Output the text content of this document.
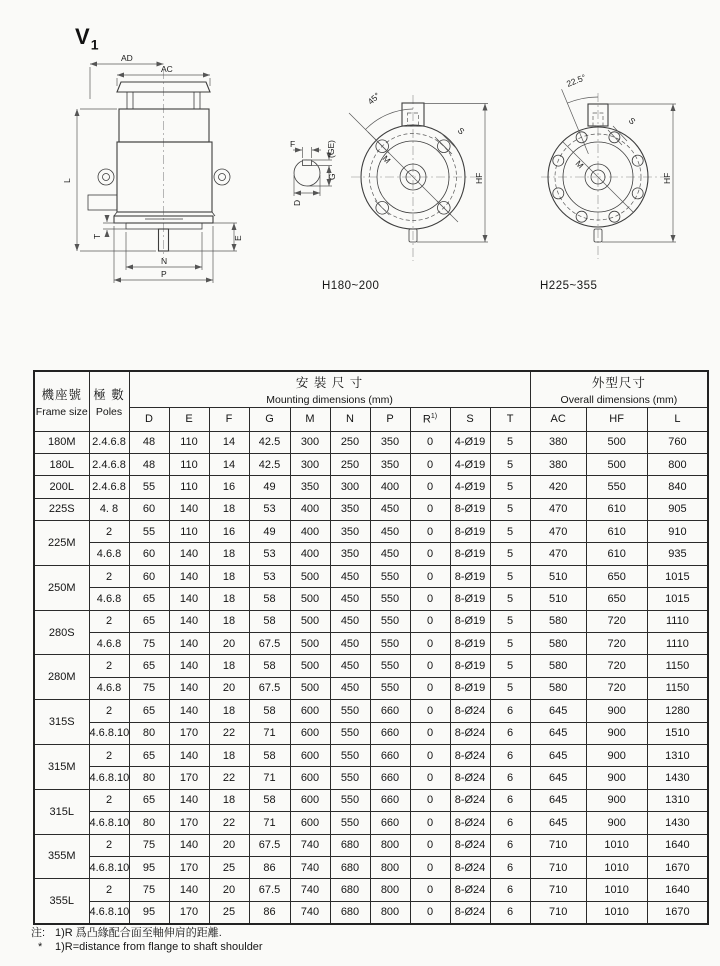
$V_1$
AD
AC
L
T	E
N
P
F	(GE)
G
D
45°
S
M
HF
H180~200
22.5°
S
M
HF
H225~355
機座號
Frame size

極 數
Poles

安 裝 尺 寸
Mounting dimensions (mm)

外型尺寸
Overall dimensions (mm)

		D	E	F	G	M	N	P	$R^{1)}$	S	T	AC	HF	L
180M	2.4.6.8	48	110	14	42.5	300	250	350	0	4-Ø19	5	380	500	760
180L	2.4.6.8	48	110	14	42.5	300	250	350	0	4-Ø19	5	380	500	800
200L	2.4.6.8	55	110	16	49	350	300	400	0	4-Ø19	5	420	550	840
225S	4. 8	60	140	18	53	400	350	450	0	8-Ø19	5	470	610	905
225M	2	55	110	16	49	400	350	450	0	8-Ø19	5	470	610	910
	4.6.8	60	140	18	53	400	350	450	0	8-Ø19	5	470	610	935
250M	2	60	140	18	53	500	450	550	0	8-Ø19	5	510	650	1015
	4.6.8	65	140	18	58	500	450	550	0	8-Ø19	5	510	650	1015
280S	2	65	140	18	58	500	450	550	0	8-Ø19	5	580	720	1110
	4.6.8	75	140	20	67.5	500	450	550	0	8-Ø19	5	580	720	1110
280M	2	65	140	18	58	500	450	550	0	8-Ø19	5	580	720	1150
	4.6.8	75	140	20	67.5	500	450	550	0	8-Ø19	5	580	720	1150
315S	2	65	140	18	58	600	550	660	0	8-Ø24	6	645	900	1280
	4.6.8.10	80	170	22	71	600	550	660	0	8-Ø24	6	645	900	1510
315M	2	65	140	18	58	600	550	660	0	8-Ø24	6	645	900	1310
	4.6.8.10	80	170	22	71	600	550	660	0	8-Ø24	6	645	900	1430
315L	2	65	140	18	58	600	550	660	0	8-Ø24	6	645	900	1310
	4.6.8.10	80	170	22	71	600	550	660	0	8-Ø24	6	645	900	1430
355M	2	75	140	20	67.5	740	680	800	0	8-Ø24	6	710	1010	1640
	4.6.8.10	95	170	25	86	740	680	800	0	8-Ø24	6	710	1010	1670
355L	2	75	140	20	67.5	740	680	800	0	8-Ø24	6	710	1010	1640
	4.6.8.10	95	170	25	86	740	680	800	0	8-Ø24	6	710	1010	1670
注: 1)R 爲凸緣配合面至軸伸肩的距離.
*	1)R=distance from flange to shaft shoulder
